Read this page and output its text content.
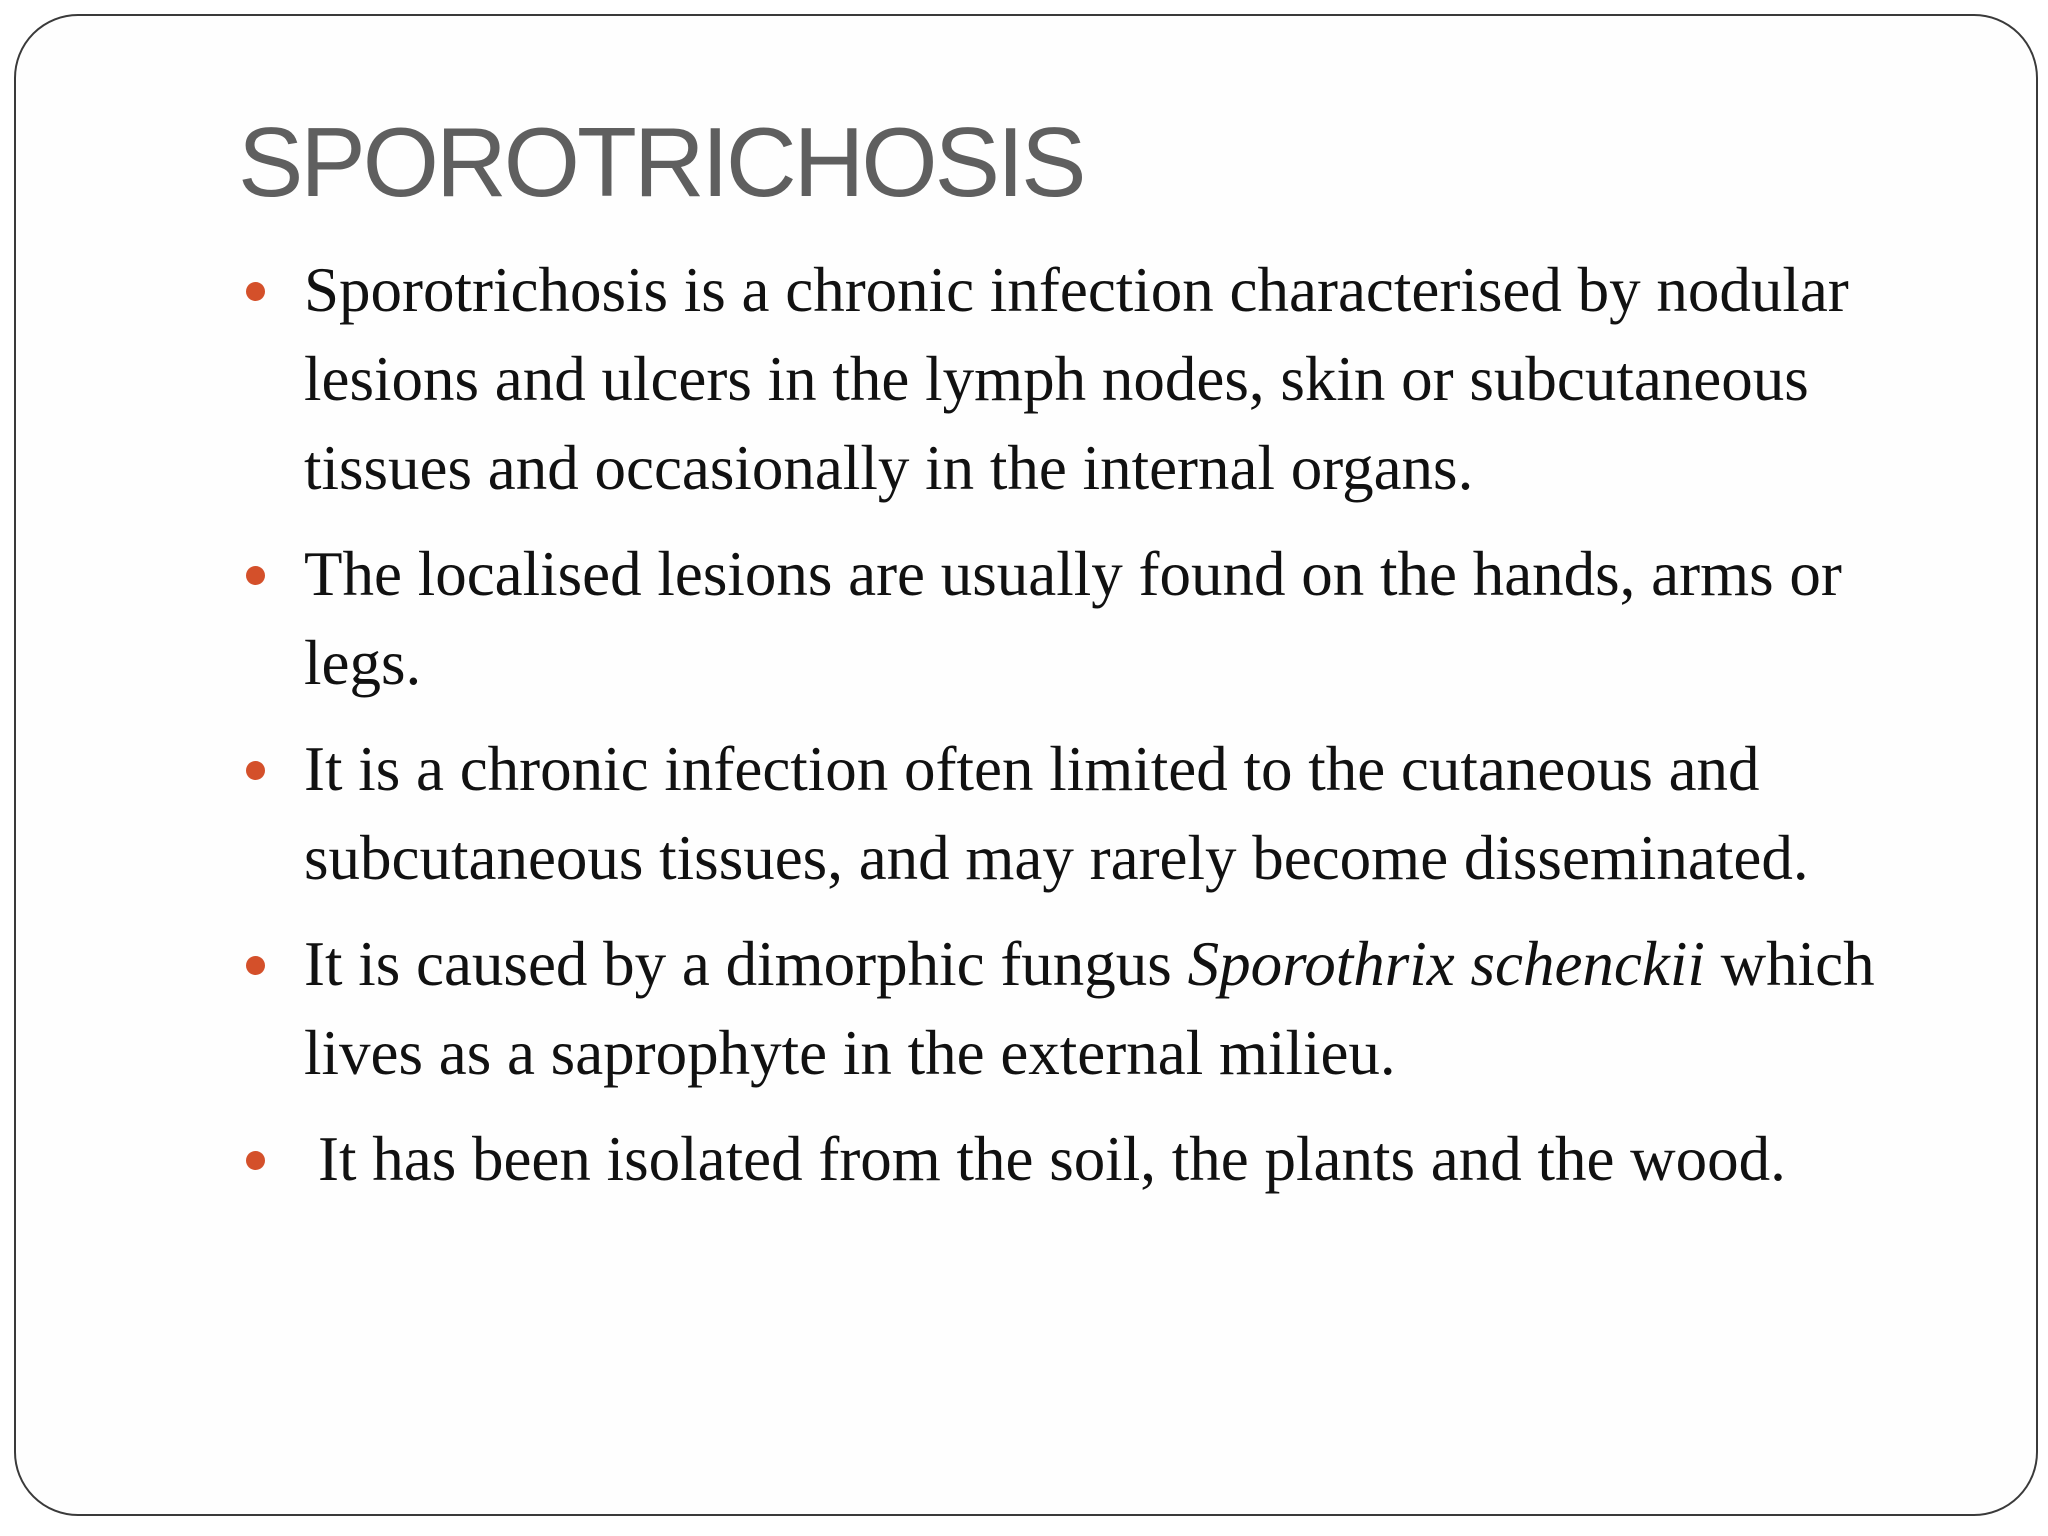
SPOROTRICHOSIS
Sporotrichosis is a chronic infection characterised by nodular lesions and ulcers in the lymph nodes, skin or subcutaneous tissues and occasionally in the internal organs.
The localised lesions are usually found on the hands, arms or legs.
It is a chronic infection often limited to the cutaneous and subcutaneous tissues, and may rarely become disseminated.
It is caused by a dimorphic fungus Sporothrix schenckii which lives as a saprophyte in the external milieu.
It has been isolated from the soil, the plants and the wood.
